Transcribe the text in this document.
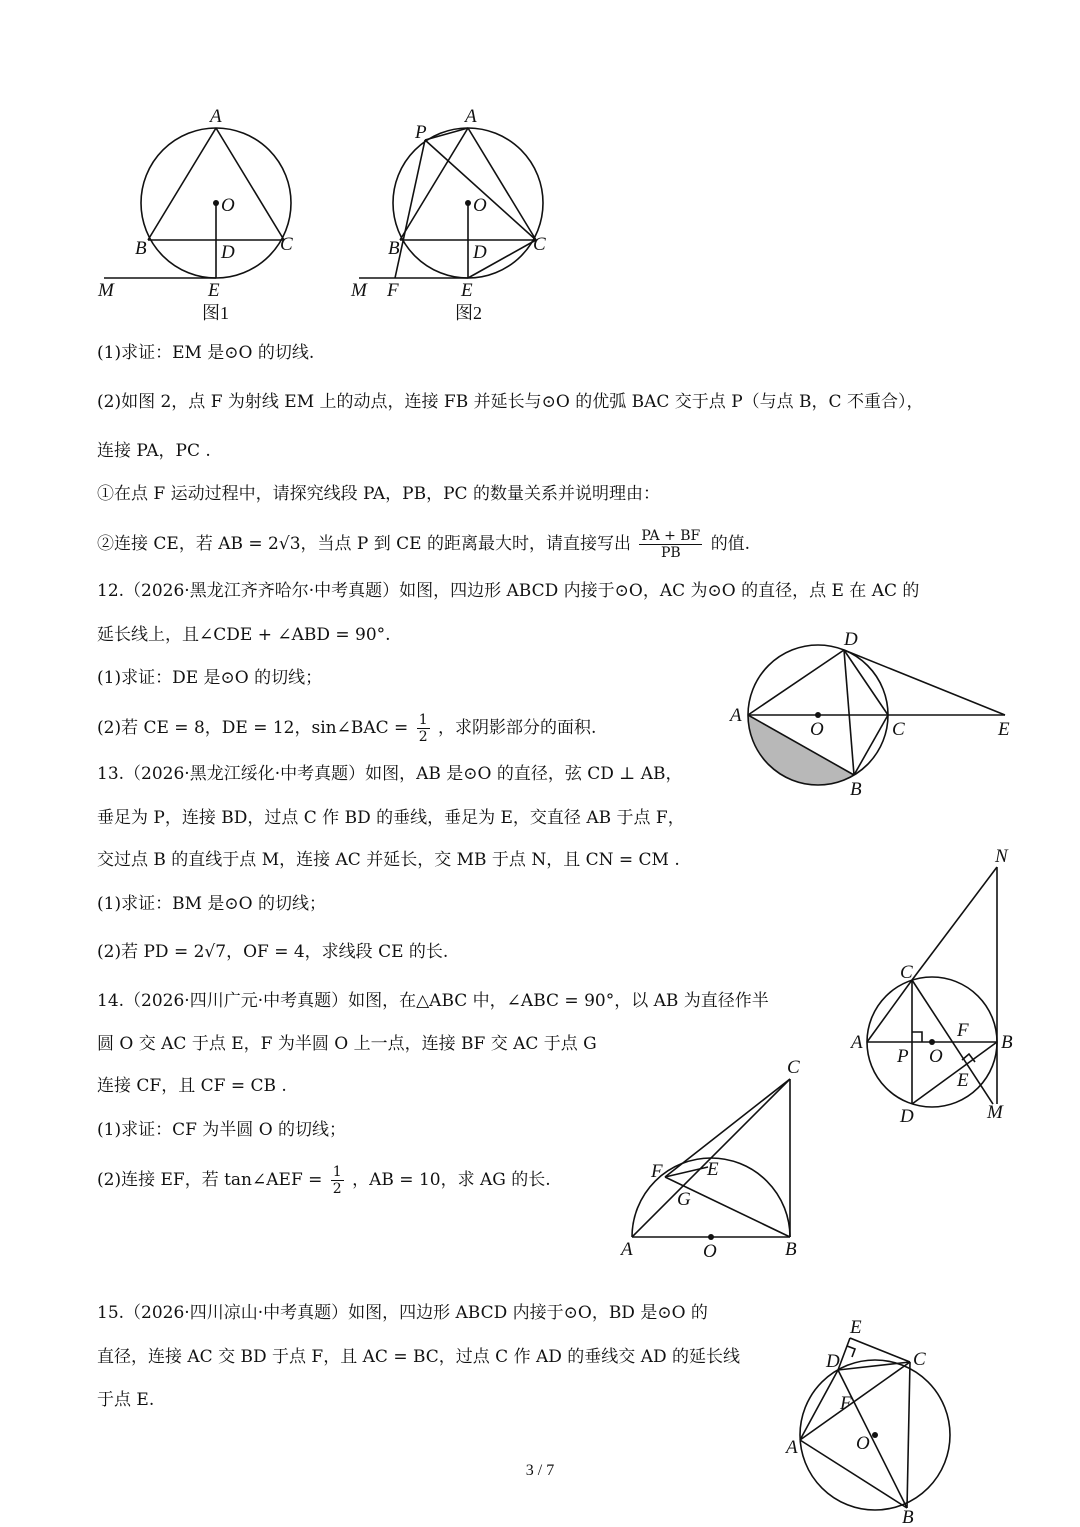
A
O
B	C
D
E
M
图1
P
A
O
B	C
D
E
M F
图2
(1)求证：EM 是⊙O 的切线.
(2)如图 2，点 F 为射线 EM 上的动点，连接 FB 并延长与⊙O 的优弧 BAC 交于点 P（与点 B，C 不重合），
连接 PA，PC .
①在点 F 运动过程中，请探究线段 PA，PB，PC 的数量关系并说明理由：
②连接 CE，若 AB = 2√3，当点 P 到 CE 的距离最大时，请直接写出 $\frac{PA + BF}{PB}$ 的值.
12.（2026·黑龙江齐齐哈尔·中考真题）如图，四边形 ABCD 内接于⊙O，AC 为⊙O 的直径，点 E 在 AC 的
延长线上，且∠CDE + ∠ABD = 90°.
(1)求证：DE 是⊙O 的切线；
(2)若 CE = 8，DE = 12，sin∠BAC = $\frac{1}{2}$ ，求阴影部分的面积.
D
A
O	C	E
B
13.（2026·黑龙江绥化·中考真题）如图，AB 是⊙O 的直径，弦 CD ⊥ AB，
垂足为 P，连接 BD，过点 C 作 BD 的垂线，垂足为 E，交直径 AB 于点 F，
交过点 B 的直线于点 M，连接 AC 并延长，交 MB 于点 N，且 CN = CM .
(1)求证：BM 是⊙O 的切线；
(2)若 PD = 2√7，OF = 4，求线段 CE 的长.
N
C
A
P O
F
B
E
D	M
14.（2026·四川广元·中考真题）如图，在△ABC 中，∠ABC = 90°，以 AB 为直径作半
圆 O 交 AC 于点 E，F 为半圆 O 上一点，连接 BF 交 AC 于点 G
连接 CF，且 CF = CB .
(1)求证：CF 为半圆 O 的切线；
(2)连接 EF，若 tan∠AEF = $\frac{1}{2}$ ，AB = 10，求 AG 的长.
C
F E
G
A	O	B
15.（2026·四川凉山·中考真题）如图，四边形 ABCD 内接于⊙O，BD 是⊙O 的
直径，连接 AC 交 BD 于点 F，且 AC = BC，过点 C 作 AD 的垂线交 AD 的延长线
于点 E.
E
D	C
F
O
A
B
3 / 7
